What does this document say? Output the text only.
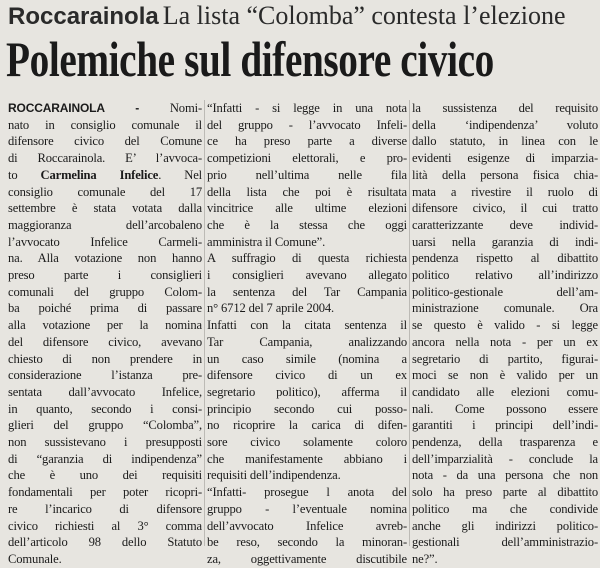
Roccarainola La lista “Colomba” contesta l’elezione
Polemiche sul difensore civico

ROCCARAINOLA - Nomi-
nato in consiglio comunale il
difensore civico del Comune
di Roccarainola. E’ l’avvoca-
to Carmelina Infelice. Nel
consiglio comunale del 17
settembre è stata votata dalla
maggioranza dell’arcobaleno
l’avvocato Infelice Carmeli-
na. Alla votazione non hanno
preso parte i consiglieri
comunali del gruppo Colom-
ba poiché prima di passare
alla votazione per la nomina
del difensore civico, avevano
chiesto di non prendere in
considerazione l’istanza pre-
sentata dall’avvocato Infelice,
in quanto, secondo i consi-
glieri del gruppo “Colomba”,
non sussistevano i presupposti
di “garanzia di indipendenza”
che è uno dei requisiti
fondamentali per poter ricopri-
re l’incarico di difensore
civico richiesti al 3° comma
dell’articolo 98 dello Statuto
Comunale.

“Infatti - si legge in una nota
del gruppo - l’avvocato Infeli-
ce ha preso parte a diverse
competizioni elettorali, e pro-
prio nell’ultima nelle fila
della lista che poi è risultata
vincitrice alle ultime elezioni
che è la stessa che oggi
amministra il Comune”.
A suffragio di questa richiesta
i consiglieri avevano allegato
la sentenza del Tar Campania
n° 6712 del 7 aprile 2004.
Infatti con la citata sentenza il
Tar Campania, analizzando
un caso simile (nomina a
difensore civico di un ex
segretario politico), afferma il
principio secondo cui posso-
no ricoprire la carica di difen-
sore civico solamente coloro
che manifestamente abbiano i
requisiti dell’indipendenza.
“Infatti- prosegue l anota del
gruppo - l’eventuale nomina
dell’avvocato Infelice avreb-
be reso, secondo la minoran-
za, oggettivamente discutibile

la sussistenza del requisito
della ‘indipendenza’ voluto
dallo statuto, in linea con le
evidenti esigenze di imparzia-
lità della persona fisica chia-
mata a rivestire il ruolo di
difensore civico, il cui tratto
caratterizzante deve individ-
uarsi nella garanzia di indi-
pendenza rispetto al dibattito
politico relativo all’indirizzo
politico-gestionale dell’am-
ministrazione comunale. Ora
se questo è valido - si legge
ancora nella nota - per un ex
segretario di partito, figurai-
moci se non è valido per un
candidato alle elezioni comu-
nali. Come possono essere
garantiti i principi dell’indi-
pendenza, della trasparenza e
dell’imparzialità - conclude la
nota - da una persona che non
solo ha preso parte al dibattito
politico ma che condivide
anche gli indirizzi politico-
gestionali dell’amministrazio-
ne?”.
